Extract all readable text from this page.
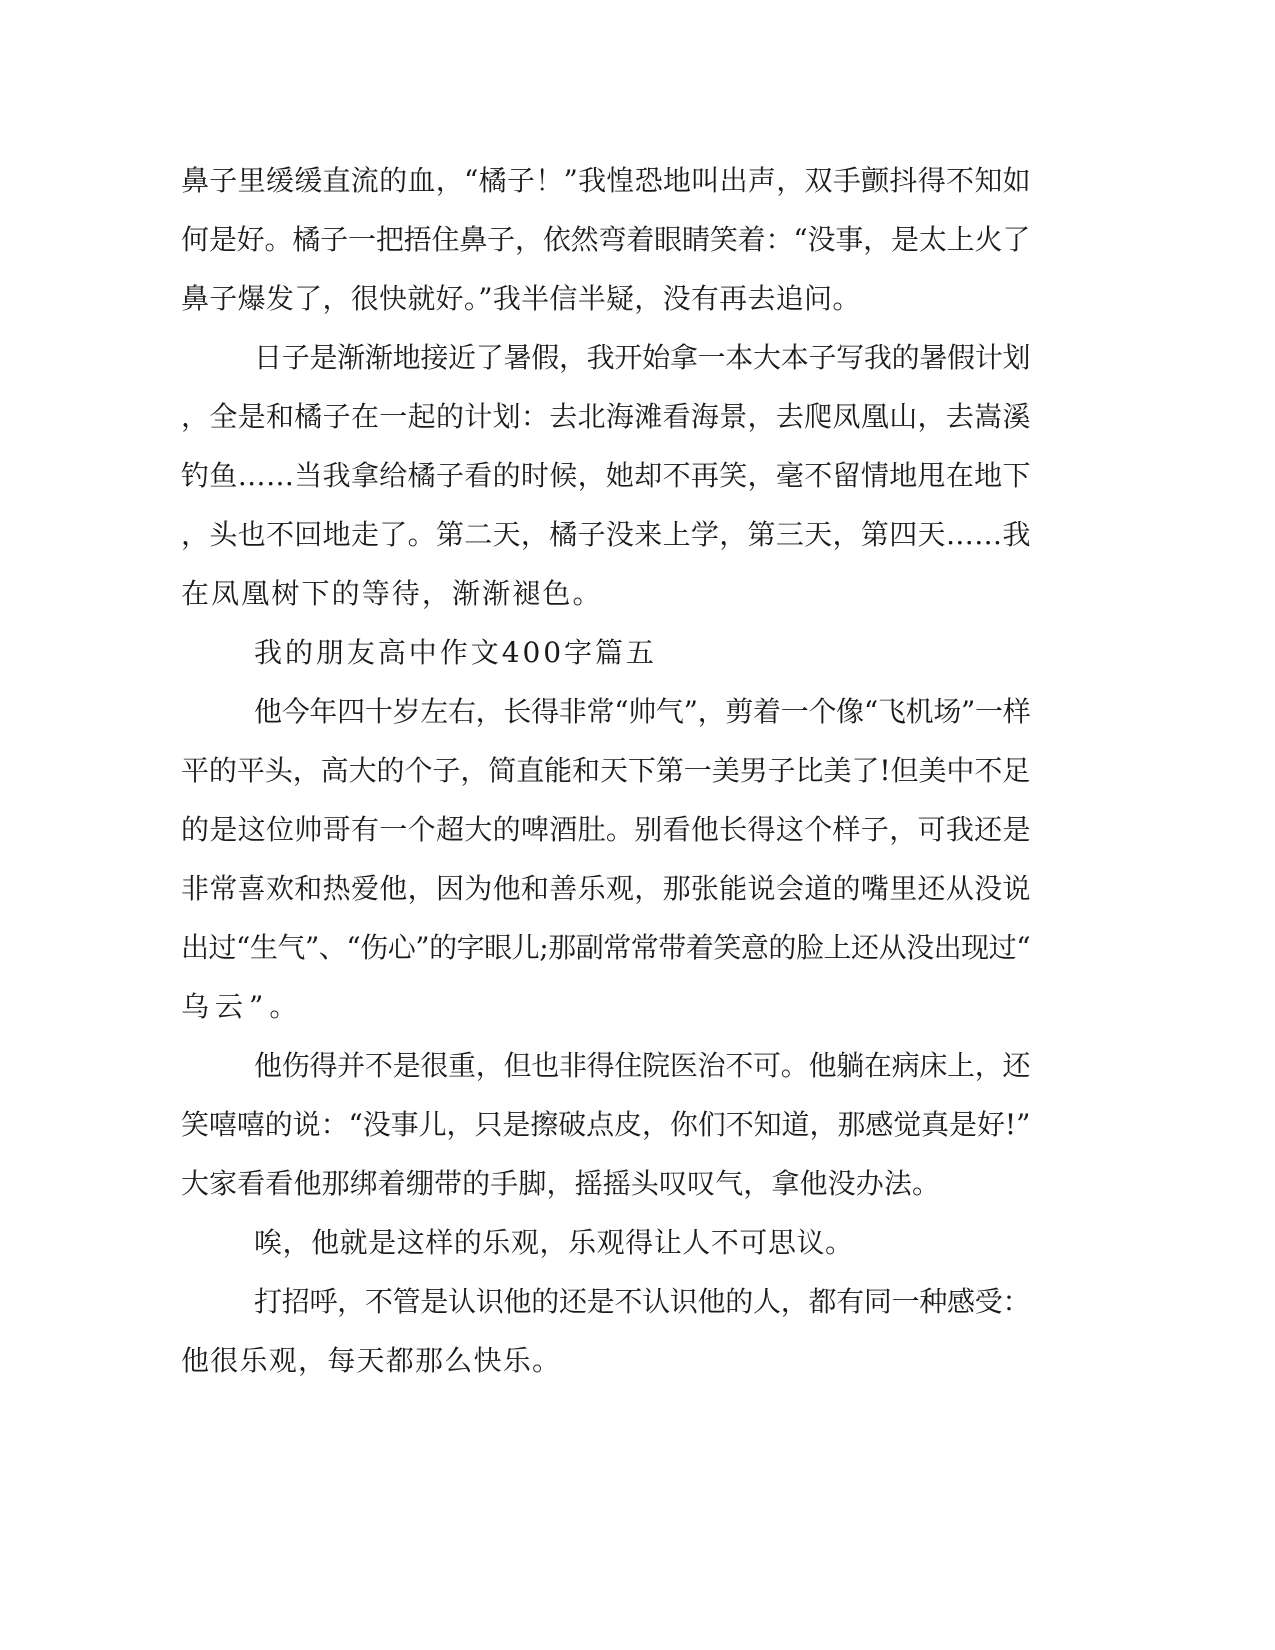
鼻子里缓缓直流的血，“橘子！”我惶恐地叫出声，双手颤抖得不知如
何是好。橘子一把捂住鼻子，依然弯着眼睛笑着：“没事，是太上火了
鼻子爆发了，很快就好。”我半信半疑，没有再去追问。
日子是渐渐地接近了暑假，我开始拿一本大本子写我的暑假计划
，全是和橘子在一起的计划：去北海滩看海景，去爬凤凰山，去嵩溪
钓鱼……当我拿给橘子看的时候，她却不再笑，毫不留情地甩在地下
，头也不回地走了。第二天，橘子没来上学，第三天，第四天……我
在凤凰树下的等待，渐渐褪色。
我的朋友高中作文400字篇五
他今年四十岁左右，长得非常“帅气”，剪着一个像“飞机场”一样
平的平头，高大的个子，简直能和天下第一美男子比美了!但美中不足
的是这位帅哥有一个超大的啤酒肚。别看他长得这个样子，可我还是
非常喜欢和热爱他，因为他和善乐观，那张能说会道的嘴里还从没说
出过“生气”、“伤心”的字眼儿;那副常常带着笑意的脸上还从没出现过“
乌云”。
他伤得并不是很重，但也非得住院医治不可。他躺在病床上，还
笑嘻嘻的说：“没事儿，只是擦破点皮，你们不知道，那感觉真是好!”
大家看看他那绑着绷带的手脚，摇摇头叹叹气，拿他没办法。
唉，他就是这样的乐观，乐观得让人不可思议。
打招呼，不管是认识他的还是不认识他的人，都有同一种感受：
他很乐观，每天都那么快乐。
